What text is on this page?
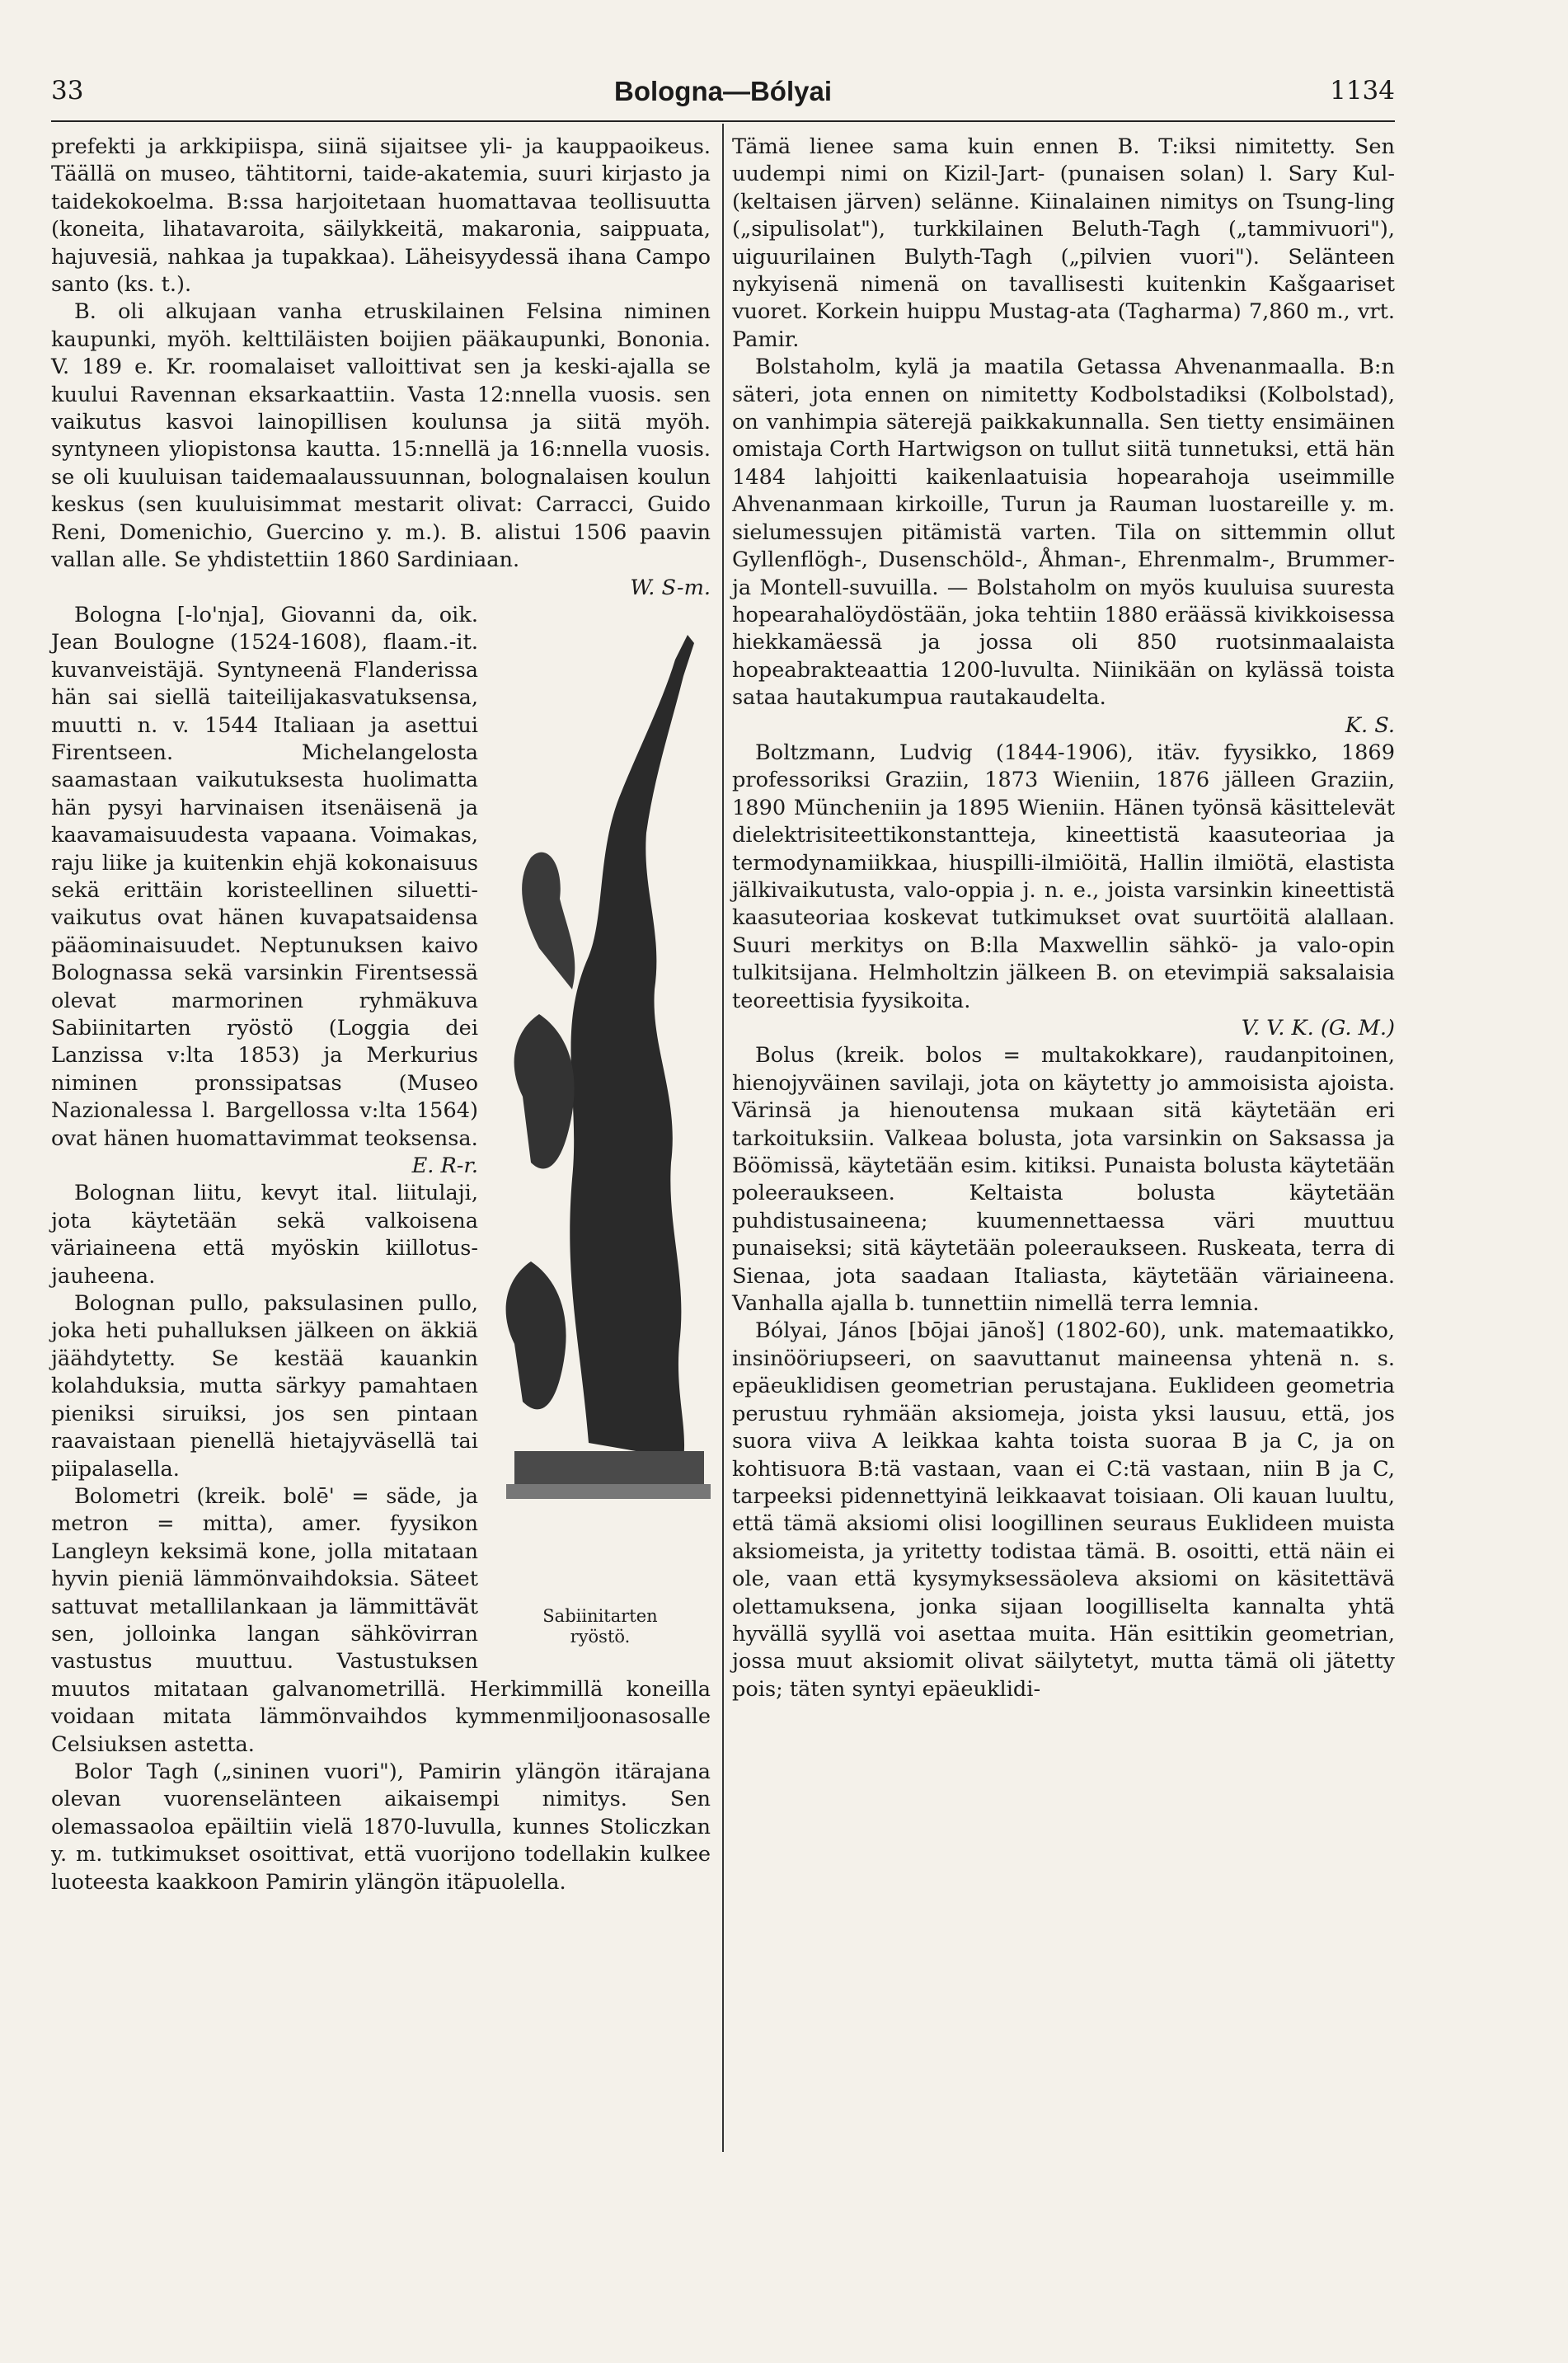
33	Bologna—Bólyai	1134

prefekti ja arkkipiispa, siinä sijaitsee yli- ja kauppaoikeus. Täällä on museo, tähtitorni, taide-akatemia, suuri kirjasto ja taidekokoelma. B:ssa harjoitetaan huomattavaa teollisuutta (koneita, lihatavaroita, säilykkeitä, makaronia, saippuata, hajuvesiä, nahkaa ja tupakkaa). Läheisyydessä ihana Campo santo (ks. t.).

B. oli alkujaan vanha etruskilainen Felsina niminen kaupunki, myöh. kelttiläisten boijien pääkaupunki, Bononia. V. 189 e. Kr. roomalaiset valloittivat sen ja keski-ajalla se kuului Ravennan eksarkaattiin. Vasta 12:nnella vuosis. sen vaikutus kasvoi lainopillisen koulunsa ja siitä myöh. syntyneen yliopistonsa kautta. 15:nnellä ja 16:nnella vuosis. se oli kuuluisan taidemaalaussuunnan, bolognalaisen koulun keskus (sen kuuluisimmat mestarit olivat: Carracci, Guido Reni, Domenichio, Guercino y. m.). B. alistui 1506 paavin vallan alle. Se yhdistettiin 1860 Sardiniaan.

W. S-m.

Sabiinitarten
ryöstö.

Bologna [-lo'nja], Giovanni da, oik. Jean Boulogne (1524-1608), flaam.-it. kuvanveistäjä. Syntyneenä Flanderissa hän sai siellä taiteilijakasvatuksensa, muutti n. v. 1544 Italiaan ja asettui Firentseen. Michelangelosta saamastaan vaikutuksesta huolimatta hän pysyi harvinaisen itsenäisenä ja kaavamaisuudesta vapaana. Voimakas, raju liike ja kuitenkin ehjä kokonaisuus sekä erittäin koristeellinen siluetti-vaikutus ovat hänen kuvapatsaidensa pääominaisuudet. Neptunuksen kaivo Bolognassa sekä varsinkin Firentsessä olevat marmorinen ryhmäkuva Sabiinitarten ryöstö (Loggia dei Lanzissa v:lta 1853) ja Merkurius niminen pronssipatsas (Museo Nazionalessa l. Bargellossa v:lta 1564) ovat hänen huomattavimmat teoksensa.

E. R-r.

Bolognan liitu, kevyt ital. liitulaji, jota käytetään sekä valkoisena väriaineena että myöskin kiillotus-jauheena.

Bolognan pullo, paksulasinen pullo, joka heti puhalluksen jälkeen on äkkiä jäähdytetty. Se kestää kauankin kolahduksia, mutta särkyy pamahtaen pieniksi siruiksi, jos sen pintaan raavaistaan pienellä hietajyväsellä tai piipalasella.

Bolometri (kreik. bolē' = säde, ja metron = mitta), amer. fyysikon Langleyn keksimä kone, jolla mitataan hyvin pieniä lämmönvaihdoksia. Säteet sattuvat metallilankaan ja lämmittävät sen, jolloinka langan sähkövirran vastustus muuttuu. Vastustuksen muutos mitataan galvanometrillä. Herkimmillä koneilla voidaan mitata lämmönvaihdos kymmenmiljoonasosalle Celsiuksen astetta.

Bolor Tagh („sininen vuori"), Pamirin ylängön itärajana olevan vuorenselänteen aikaisempi nimitys. Sen olemassaoloa epäiltiin vielä 1870-luvulla, kunnes Stoliczkan y. m. tutkimukset osoittivat, että vuorijono todellakin kulkee luoteesta kaakkoon Pamirin ylängön itäpuolella.

Tämä lienee sama kuin ennen B. T:iksi nimitetty. Sen uudempi nimi on Kizil-Jart- (punaisen solan) l. Sary Kul- (keltaisen järven) selänne. Kiinalainen nimitys on Tsung-ling („sipulisolat"), turkkilainen Beluth-Tagh („tammivuori"), uiguurilainen Bulyth-Tagh („pilvien vuori"). Selänteen nykyisenä nimenä on tavallisesti kuitenkin Kašgaariset vuoret. Korkein huippu Mustag-ata (Tagharma) 7,860 m., vrt. Pamir.

Bolstaholm, kylä ja maatila Getassa Ahvenanmaalla. B:n säteri, jota ennen on nimitetty Kodbolstadiksi (Kolbolstad), on vanhimpia säterejä paikkakunnalla. Sen tietty ensimäinen omistaja Corth Hartwigson on tullut siitä tunnetuksi, että hän 1484 lahjoitti kaikenlaatuisia hopearahoja useimmille Ahvenanmaan kirkoille, Turun ja Rauman luostareille y. m. sielumessujen pitämistä varten. Tila on sittemmin ollut Gyllenflögh-, Dusenschöld-, Åhman-, Ehrenmalm-, Brummer- ja Montell-suvuilla. — Bolstaholm on myös kuuluisa suuresta hopearahalöydöstään, joka tehtiin 1880 eräässä kivikkoisessa hiekkamäessä ja jossa oli 850 ruotsinmaalaista hopeabrakteaattia 1200-luvulta. Niinikään on kylässä toista sataa hautakumpua rautakaudelta.

K. S.

Boltzmann, Ludvig (1844-1906), itäv. fyysikko, 1869 professoriksi Graziin, 1873 Wieniin, 1876 jälleen Graziin, 1890 Müncheniin ja 1895 Wieniin. Hänen työnsä käsittelevät dielektrisiteettikonstantteja, kineettistä kaasuteoriaa ja termodynamiikkaa, hiuspilli-ilmiöitä, Hallin ilmiötä, elastista jälkivaikutusta, valo-oppia j. n. e., joista varsinkin kineettistä kaasuteoriaa koskevat tutkimukset ovat suurtöitä alallaan. Suuri merkitys on B:lla Maxwellin sähkö- ja valo-opin tulkitsijana. Helmholtzin jälkeen B. on etevimpiä saksalaisia teoreettisia fyysikoita.

V. V. K. (G. M.)

Bolus (kreik. bolos = multakokkare), raudanpitoinen, hienojyväinen savilaji, jota on käytetty jo ammoisista ajoista. Värinsä ja hienoutensa mukaan sitä käytetään eri tarkoituksiin. Valkeaa bolusta, jota varsinkin on Saksassa ja Böömissä, käytetään esim. kitiksi. Punaista bolusta käytetään poleeraukseen. Keltaista bolusta käytetään puhdistusaineena; kuumennettaessa väri muuttuu punaiseksi; sitä käytetään poleeraukseen. Ruskeata, terra di Sienaa, jota saadaan Italiasta, käytetään väriaineena. Vanhalla ajalla b. tunnettiin nimellä terra lemnia.

Bólyai, János [bōjai jānoš] (1802-60), unk. matemaatikko, insinööriupseeri, on saavuttanut maineensa yhtenä n. s. epäeuklidisen geometrian perustajana. Euklideen geometria perustuu ryhmään aksiomeja, joista yksi lausuu, että, jos suora viiva A leikkaa kahta toista suoraa B ja C, ja on kohtisuora B:tä vastaan, vaan ei C:tä vastaan, niin B ja C, tarpeeksi pidennettyinä leikkaavat toisiaan. Oli kauan luultu, että tämä aksiomi olisi loogillinen seuraus Euklideen muista aksiomeista, ja yritetty todistaa tämä. B. osoitti, että näin ei ole, vaan että kysymyksessäoleva aksiomi on käsitettävä olettamuksena, jonka sijaan loogilliselta kannalta yhtä hyvällä syyllä voi asettaa muita. Hän esittikin geometrian, jossa muut aksiomit olivat säilytetyt, mutta tämä oli jätetty pois; täten syntyi epäeuklidi-
